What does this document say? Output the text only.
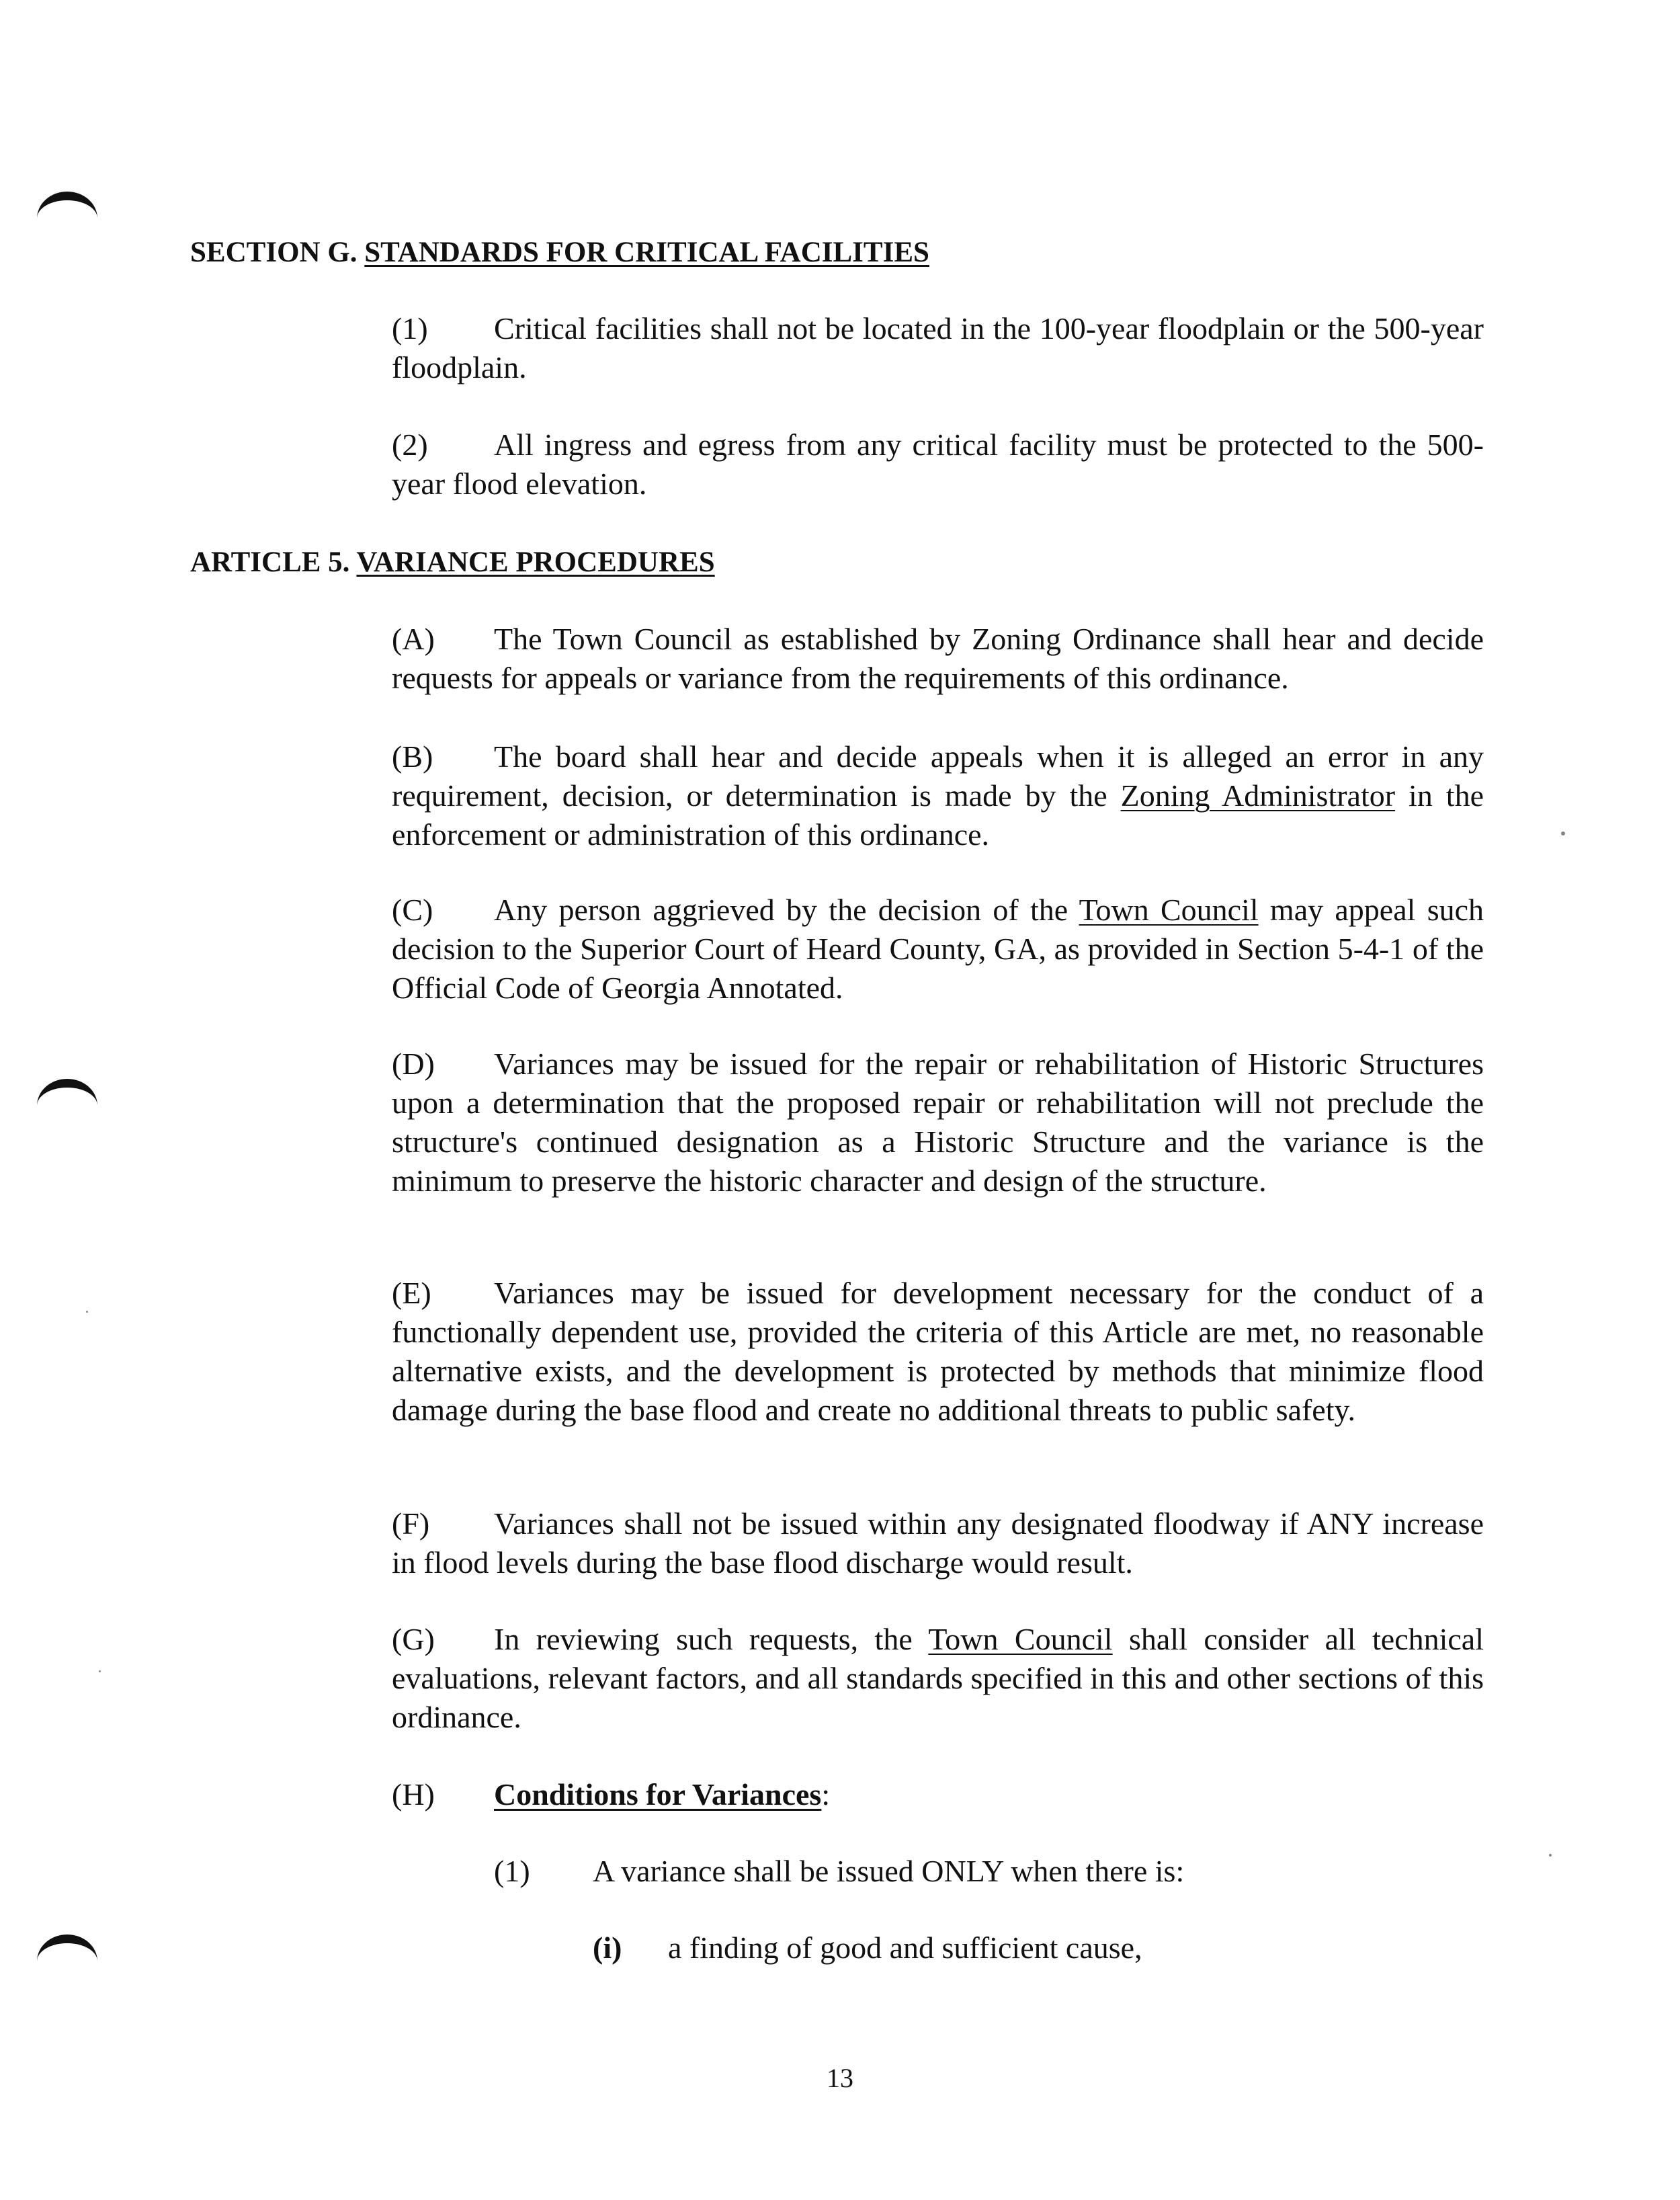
SECTION G. STANDARDS FOR CRITICAL FACILITIES

(1) Critical facilities shall not be located in the 100-year floodplain or the 500-year floodplain.

(2) All ingress and egress from any critical facility must be protected to the 500-year flood elevation.

ARTICLE 5. VARIANCE PROCEDURES

(A) The Town Council as established by Zoning Ordinance shall hear and decide requests for appeals or variance from the requirements of this ordinance.

(B) The board shall hear and decide appeals when it is alleged an error in any requirement, decision, or determination is made by the Zoning Administrator in the enforcement or administration of this ordinance.

(C) Any person aggrieved by the decision of the Town Council may appeal such decision to the Superior Court of Heard County, GA, as provided in Section 5-4-1 of the Official Code of Georgia Annotated.

(D) Variances may be issued for the repair or rehabilitation of Historic Structures upon a determination that the proposed repair or rehabilitation will not preclude the structure's continued designation as a Historic Structure and the variance is the minimum to preserve the historic character and design of the structure.

(E) Variances may be issued for development necessary for the conduct of a functionally dependent use, provided the criteria of this Article are met, no reasonable alternative exists, and the development is protected by methods that minimize flood damage during the base flood and create no additional threats to public safety.

(F) Variances shall not be issued within any designated floodway if ANY increase in flood levels during the base flood discharge would result.

(G) In reviewing such requests, the Town Council shall consider all technical evaluations, relevant factors, and all standards specified in this and other sections of this ordinance.

(H) Conditions for Variances:
(1) A variance shall be issued ONLY when there is:
(i) a finding of good and sufficient cause,
13
